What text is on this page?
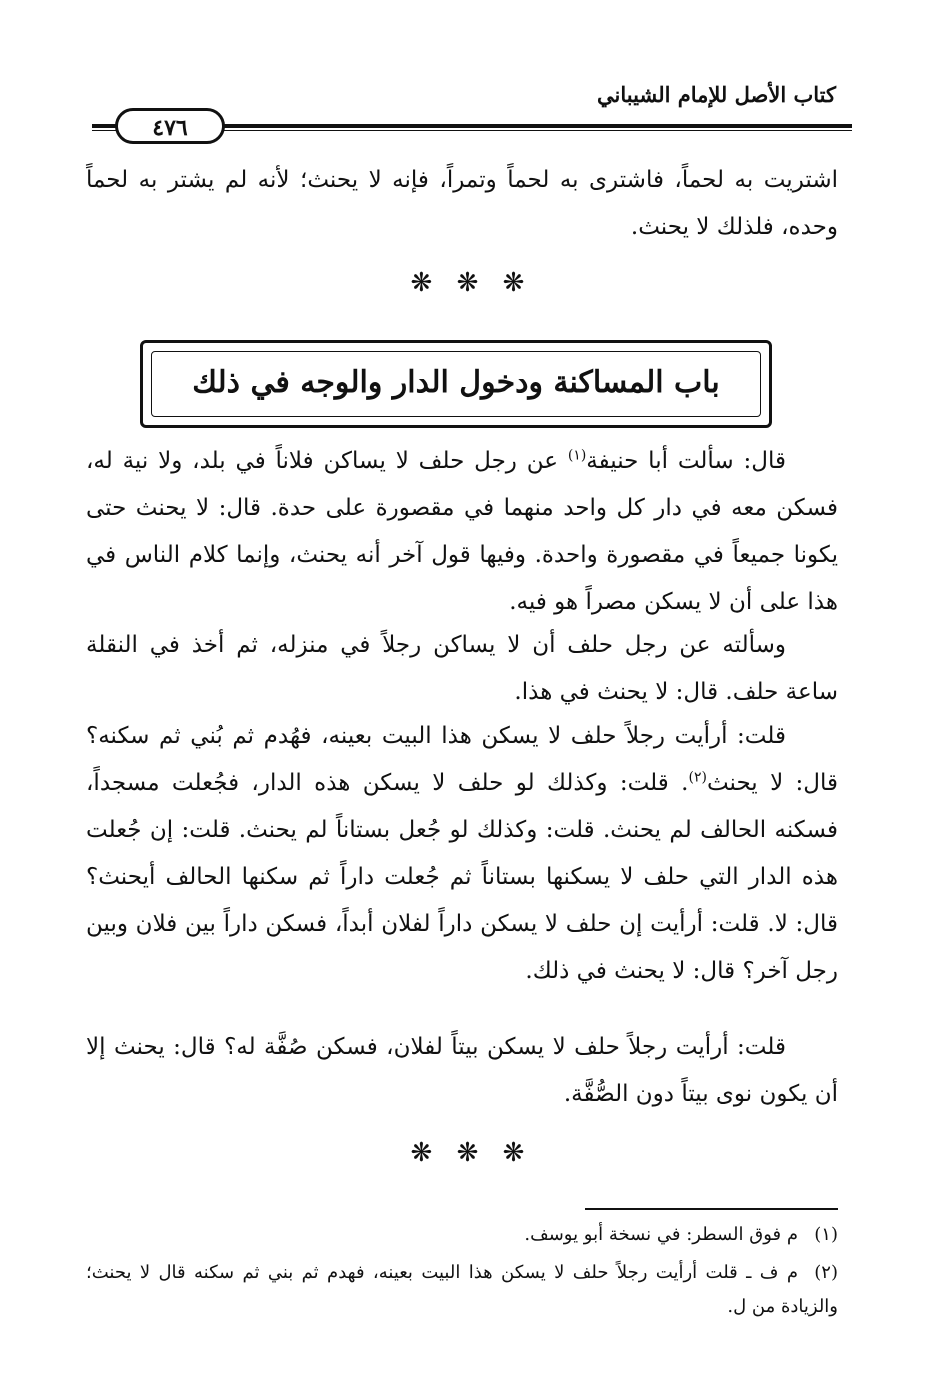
كتاب الأصل للإمام الشيباني
٤٧٦

اشتريت به لحماً، فاشترى به لحماً وتمراً، فإنه لا يحنث؛ لأنه لم يشتر به لحماً وحده، فلذلك لا يحنث.

❋ ❋ ❋
باب المساكنة ودخول الدار والوجه في ذلك

قال: سألت أبا حنيفة$^{(١)}$ عن رجل حلف لا يساكن فلاناً في بلد، ولا نية له، فسكن معه في دار كل واحد منهما في مقصورة على حدة. قال: لا يحنث حتى يكونا جميعاً في مقصورة واحدة. وفيها قول آخر أنه يحنث، وإنما كلام الناس في هذا على أن لا يسكن مصراً هو فيه.

وسألته عن رجل حلف أن لا يساكن رجلاً في منزله، ثم أخذ في النقلة ساعة حلف. قال: لا يحنث في هذا.

قلت: أرأيت رجلاً حلف لا يسكن هذا البيت بعينه، فهُدم ثم بُني ثم سكنه؟ قال: لا يحنث$^{(٢)}$. قلت: وكذلك لو حلف لا يسكن هذه الدار، فجُعلت مسجداً، فسكنه الحالف لم يحنث. قلت: وكذلك لو جُعل بستاناً لم يحنث. قلت: إن جُعلت هذه الدار التي حلف لا يسكنها بستاناً ثم جُعلت داراً ثم سكنها الحالف أيحنث؟ قال: لا. قلت: أرأيت إن حلف لا يسكن داراً لفلان أبداً، فسكن داراً بين فلان وبين رجل آخر؟ قال: لا يحنث في ذلك.

قلت: أرأيت رجلاً حلف لا يسكن بيتاً لفلان، فسكن صُفَّة له؟ قال: يحنث إلا أن يكون نوى بيتاً دون الصُّفَّة.

❋ ❋ ❋

(١)م فوق السطر: في نسخة أبو يوسف.

(٢)م ف ـ قلت أرأيت رجلاً حلف لا يسكن هذا البيت بعينه، فهدم ثم بني ثم سكنه قال لا يحنث؛ والزيادة من ل.
